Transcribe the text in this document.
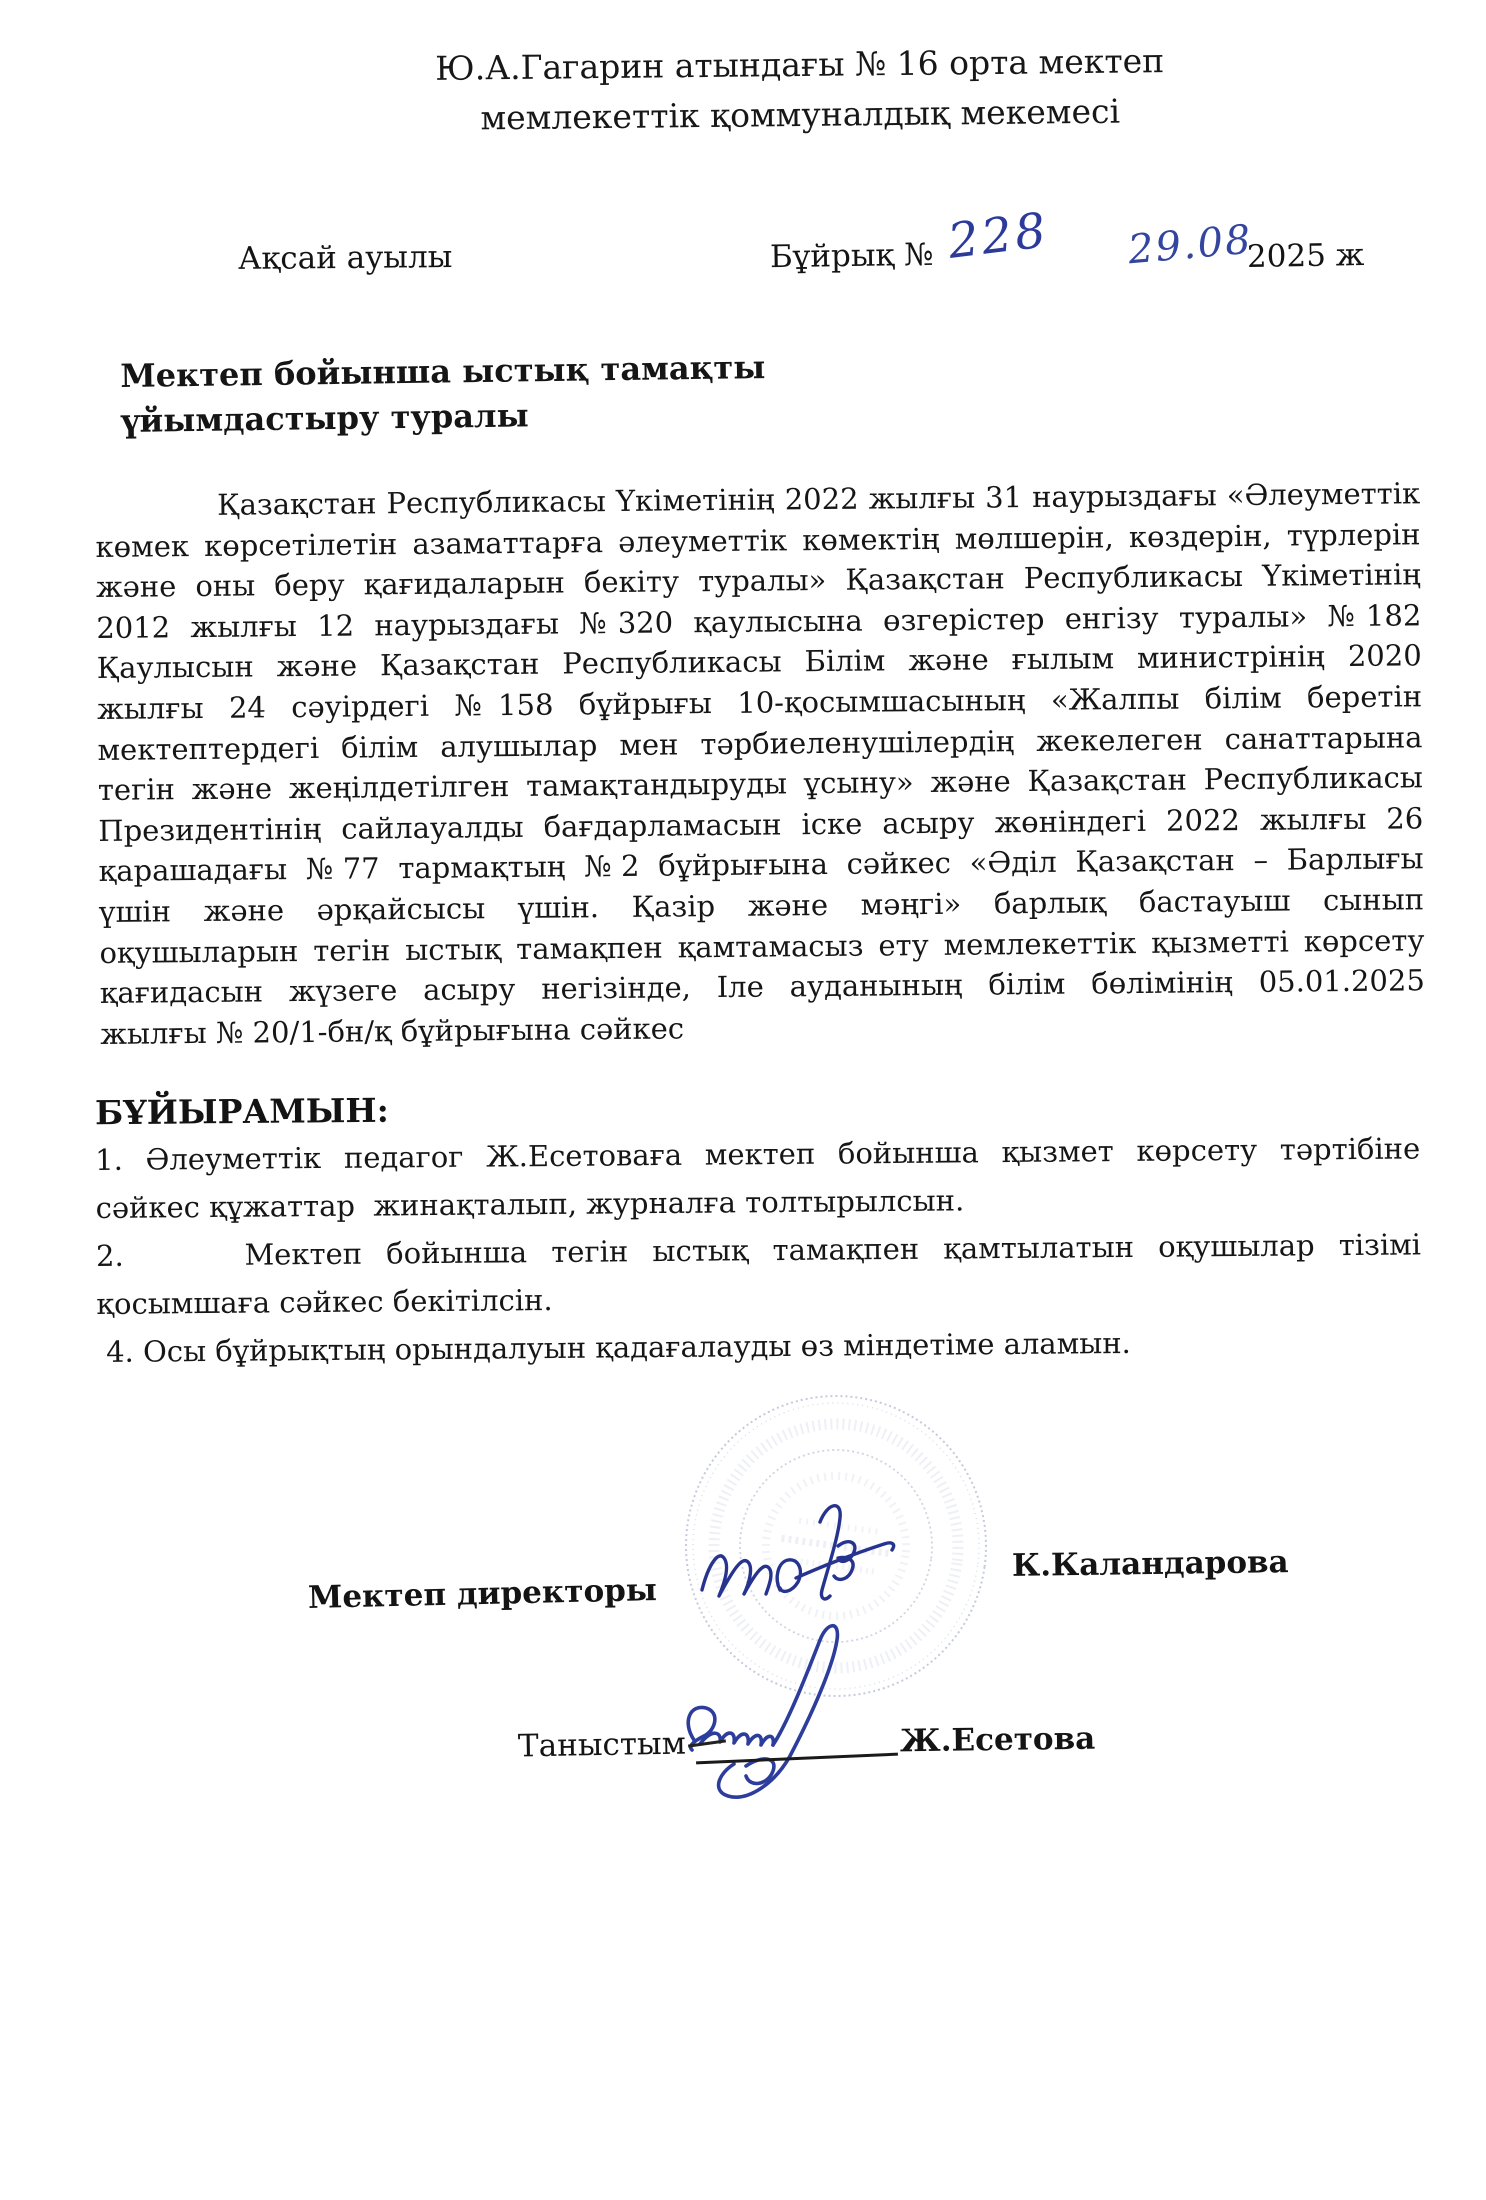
Ю.А.Гагарин атындағы № 16 орта мектеп
мемлекеттік қоммуналдық мекемесі
Ақсай ауылы	Бұйрық № 228 29.08
2025 ж
Мектеп бойынша ыстық тамақты
үйымдастыру туралы
Қазақстан Республикасы Үкіметінің 2022 жылғы 31 наурыздағы «Әлеуметтік
көмек көрсетілетін азаматтарға әлеуметтік көмектің мөлшерін, көздерін, түрлерін
және оны беру қағидаларын бекіту туралы» Қазақстан Республикасы Үкіметінің
2012 жылғы 12 наурыздағы №320 қаулысына өзгерістер енгізу туралы» №182
Қаулысын және Қазақстан Республикасы Білім және ғылым министрінің 2020
жылғы 24 сәуірдегі №158 бұйрығы 10-қосымшасының «Жалпы білім беретін
мектептердегі білім алушылар мен тәрбиеленушілердің жекелеген санаттарына
тегін және жеңілдетілген тамақтандыруды ұсыну» және Қазақстан Республикасы
Президентінің сайлауалды бағдарламасын іске асыру жөніндегі 2022 жылғы 26
қарашадағы №77 тармақтың №2 бұйрығына сәйкес «Әділ Қазақстан – Барлығы
үшін және әрқайсысы үшін. Қазір және мәңгі» барлық бастауыш сынып
оқушыларын тегін ыстық тамақпен қамтамасыз ету мемлекеттік қызметті көрсету
қағидасын жүзеге асыру негізінде, Іле ауданының білім бөлімінің 05.01.2025
жылғы № 20/1-бн/қ бұйрығына сәйкес
БҰЙЫРАМЫН:
1. Әлеуметтік педагог Ж.Есетоваға мектеп бойынша қызмет көрсету тәртібіне
сәйкес құжаттар  жинақталып, журналға толтырылсын.
2.     Мектеп бойынша тегін ыстық тамақпен қамтылатын оқушылар тізімі
қосымшаға сәйкес бекітілсін.
4. Осы бұйрықтың орындалуын қадағалауды өз міндетіме аламын.
Мектеп директоры
К.Каландарова
Таныстым	Ж.Есетова
